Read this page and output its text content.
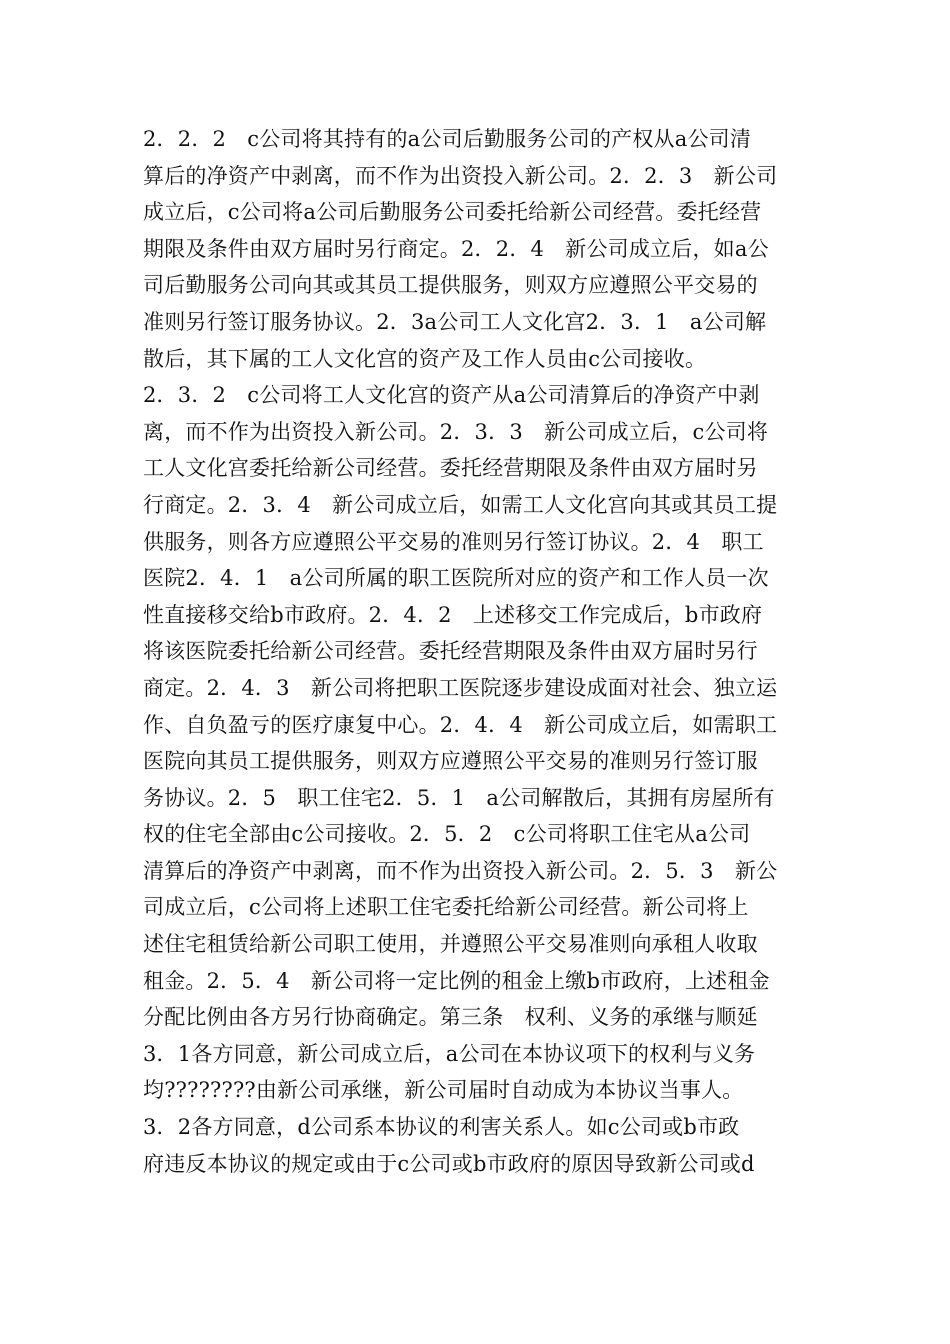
2．2．2　c公司将其持有的a公司后勤服务公司的产权从a公司清
算后的净资产中剥离，而不作为出资投入新公司。2．2．3　新公司
成立后，c公司将a公司后勤服务公司委托给新公司经营。委托经营
期限及条件由双方届时另行商定。2．2．4　新公司成立后，如a公
司后勤服务公司向其或其员工提供服务，则双方应遵照公平交易的
准则另行签订服务协议。2．3a公司工人文化宫2．3．1　a公司解
散后，其下属的工人文化宫的资产及工作人员由c公司接收。
2．3．2　c公司将工人文化宫的资产从a公司清算后的净资产中剥
离，而不作为出资投入新公司。2．3．3　新公司成立后，c公司将
工人文化宫委托给新公司经营。委托经营期限及条件由双方届时另
行商定。2．3．4　新公司成立后，如需工人文化宫向其或其员工提
供服务，则各方应遵照公平交易的准则另行签订协议。2．4　职工
医院2．4．1　a公司所属的职工医院所对应的资产和工作人员一次
性直接移交给b市政府。2．4．2　上述移交工作完成后，b市政府
将该医院委托给新公司经营。委托经营期限及条件由双方届时另行
商定。2．4．3　新公司将把职工医院逐步建设成面对社会、独立运
作、自负盈亏的医疗康复中心。2．4．4　新公司成立后，如需职工
医院向其员工提供服务，则双方应遵照公平交易的准则另行签订服
务协议。2．5　职工住宅2．5．1　a公司解散后，其拥有房屋所有
权的住宅全部由c公司接收。2．5．2　c公司将职工住宅从a公司
清算后的净资产中剥离，而不作为出资投入新公司。2．5．3　新公
司成立后，c公司将上述职工住宅委托给新公司经营。新公司将上
述住宅租赁给新公司职工使用，并遵照公平交易准则向承租人收取
租金。2．5．4　新公司将一定比例的租金上缴b市政府，上述租金
分配比例由各方另行协商确定。第三条　权利、义务的承继与顺延
3．1各方同意，新公司成立后，a公司在本协议项下的权利与义务
均????????由新公司承继，新公司届时自动成为本协议当事人。
3．2各方同意，d公司系本协议的利害关系人。如c公司或b市政
府违反本协议的规定或由于c公司或b市政府的原因导致新公司或d
